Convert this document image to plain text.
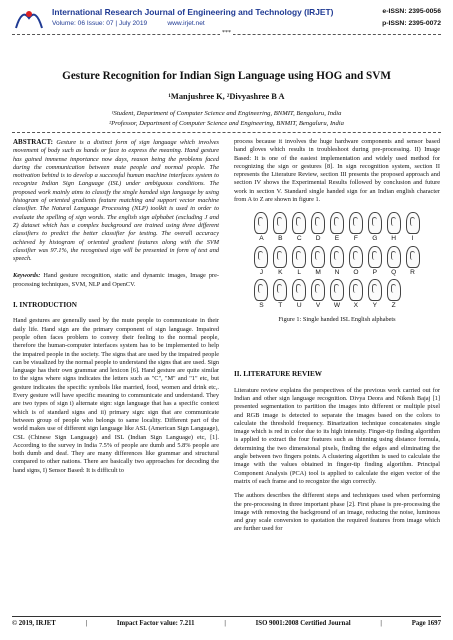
International Research Journal of Engineering and Technology (IRJET)
Volume: 06 Issue: 07 | July 2019	www.irjet.net
e-ISSN: 2395-0056
p-ISSN: 2395-0072
***
Gesture Recognition for Indian Sign Language using HOG and SVM
¹Manjushree K, ²Divyashree B A
¹Student, Department of Computer Science and Engineering, BNMIT, Bengaluru, India
²Professor, Department of Computer Science and Engineering, BNMIT, Bengaluru, India

ABSTRACT: Gesture is a distinct form of sign language which involves movement of body such as hands or face to express the meaning. Hand gesture has gained immense importance now days, reason being the problems faced during the communication between mute people and normal people. The motivation behind is to develop a successful human machine interfaces system to recognize Indian Sign Language (ISL) under ambiguous conditions. The proposed work mainly aims to classify the single handed sign language by using histogram of oriented gradients feature matching and support vector machine classifier. The Natural Language Processing (NLP) toolkit is used in order to evaluate the spelling of sign words. The english sign alphabet (excluding J and Z) dataset which has a complex background are trained using three different classifiers to predict the better classifier for testing. The overall accuracy achieved by histogram of oriented gradient features along with the SVM classifier was 97.1%, the recognised sign will be presented in form of text and speech.

Keywords: Hand gesture recognition, static and dynamic images, Image pre-processing techniques, SVM, NLP and OpenCV.

I. INTRODUCTION

Hand gestures are generally used by the mute people to communicate in their daily life. Hand sign are the primary component of sign language. Impaired people often faces problem to convey their feeling to the normal people, therefore the human-computer interfaces system has to be implemented to help the impaired people in the society. The signs that are used by the impaired people can be visualized by the normal people to understand the signs that are used. Sign language has their own grammar and lexicon [6]. Hand gesture are quite similar to the signs where signs indicates the letters such as "C", "M" and "1" etc, but gesture indicates the specific symbols like married, food, women and drink etc,. Every gesture will have specific meaning to communicate and understand. They are two types of sign i) alternate sign: sign language that has a specific context which is of standard signs and ii) primary sign: sign that are communicate between group of people who belongs to same locality. Different part of the world makes use of different sign language like ASL (American Sign Language), CSL (Chinese Sign Language) and ISL (Indian Sign Language) etc, [1]. According to the survey in India 7.5% of people are dumb and 5.8% people are both dumb and deaf. They are many differences like grammar and structural compared to other nations. There are basically two approaches for decoding the hand signs, I) Sensor Based: It is difficult to

process because it involves the huge hardware components and sensor based hand gloves which results in troubleshoot during pre-processing. II) Image Based: It is one of the easiest implementation and widely used method for recognizing the sign or gestures [8]. In sign recognition system, section II represents the Literature Review, section III presents the proposed approach and section IV shows the Experimental Results followed by conclusion and future work in section V. Standard single handed sign for an Indian english character from A to Z are shown in figure 1.

A B C D E F G H I
J K L M N O P Q R
S T U V W X Y Z
Figure 1: Single handed ISL English alphabets
II. LITERATURE REVIEW

Literature review explains the perspectives of the previous work carried out for Indian and other sign language recognition. Divya Deora and Nikesh Bajaj [1] presented segmentation to partition the images into different or multiple pixel and RGB image is detected to separate the images based on the colors to calculate the threshold frequency. Binarization technique concatenates single image which is red in color due to its high intensity. Finger-tip finding algorithm is applied to extract the four features such as thinning using distance formula, determining the two dimensional pixels, finding the edges and eliminating the angle between two fingers points. A clustering algorithm is used to calculate the image with the values obtained in finger-tip finding algorithm. Principal Component Analysis (PCA) tool is applied to calculate the eigen vector of the matrix of each frame and to recognize the sign correctly.

The authors describes the different steps and techniques used when performing the pre-processing in three important phase [2]. First phase is pre-processing the image with removing the background of an image, reducing the noise, luminous and gray scale conversion to quotation the required features from image which are further used for

© 2019, IRJET	|	Impact Factor value: 7.211	|	ISO 9001:2008 Certified Journal	|	Page 1697
